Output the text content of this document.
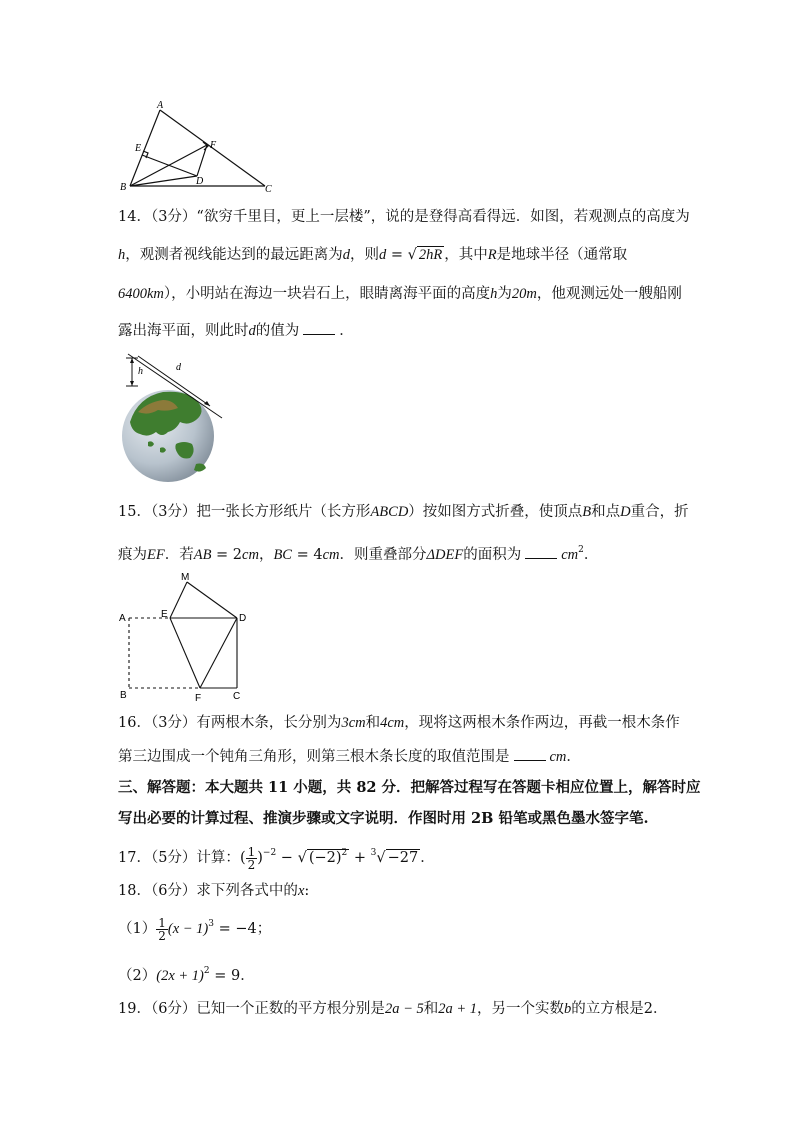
A
B	C
D
E	F
14．（3分）“欲穷千里目，更上一层楼”，说的是登得高看得远．如图，若观测点的高度为
h，观测者视线能达到的最远距离为d，则d = √ 2hR ，其中R是地球半径（通常取
6400km），小明站在海边一块岩石上，眼睛离海平面的高度h为20m，他观测远处一艘船刚
露出海平面，则此时d的值为	．
h	d
15．（3分）把一张长方形纸片（长方形ABCD）按如图方式折叠，使顶点B和点D重合，折
痕为EF．若AB = 2cm，BC = 4cm．则重叠部分ΔDEF的面积为	$cm^2$．
M
A	E	D
B	F	C
16．（3分）有两根木条，长分别为3cm和4cm，现将这两根木条作两边，再截一根木条作
第三边围成一个钝角三角形，则第三根木条长度的取值范围是	cm．
三、解答题：本大题共 11 小题，共 82 分．把解答过程写在答题卡相应位置上，解答时应
写出必要的计算过程、推演步骤或文字说明．作图时用 2B 铅笔或黑色墨水签字笔.
17．（5分）计算：( $\frac{1}{2} )^{-2}$ − √ $(-2)^2 + ^3√ -27$ ．
18．（6分）求下列各式中的x:
$(1) \frac{1}{2} (x - 1)^3 = -4$；
$(2)(2x + 1)^2 = 9$．
19．（6分）已知一个正数的平方根分别是2a − 5和2a + 1，另一个实数b的立方根是2．
